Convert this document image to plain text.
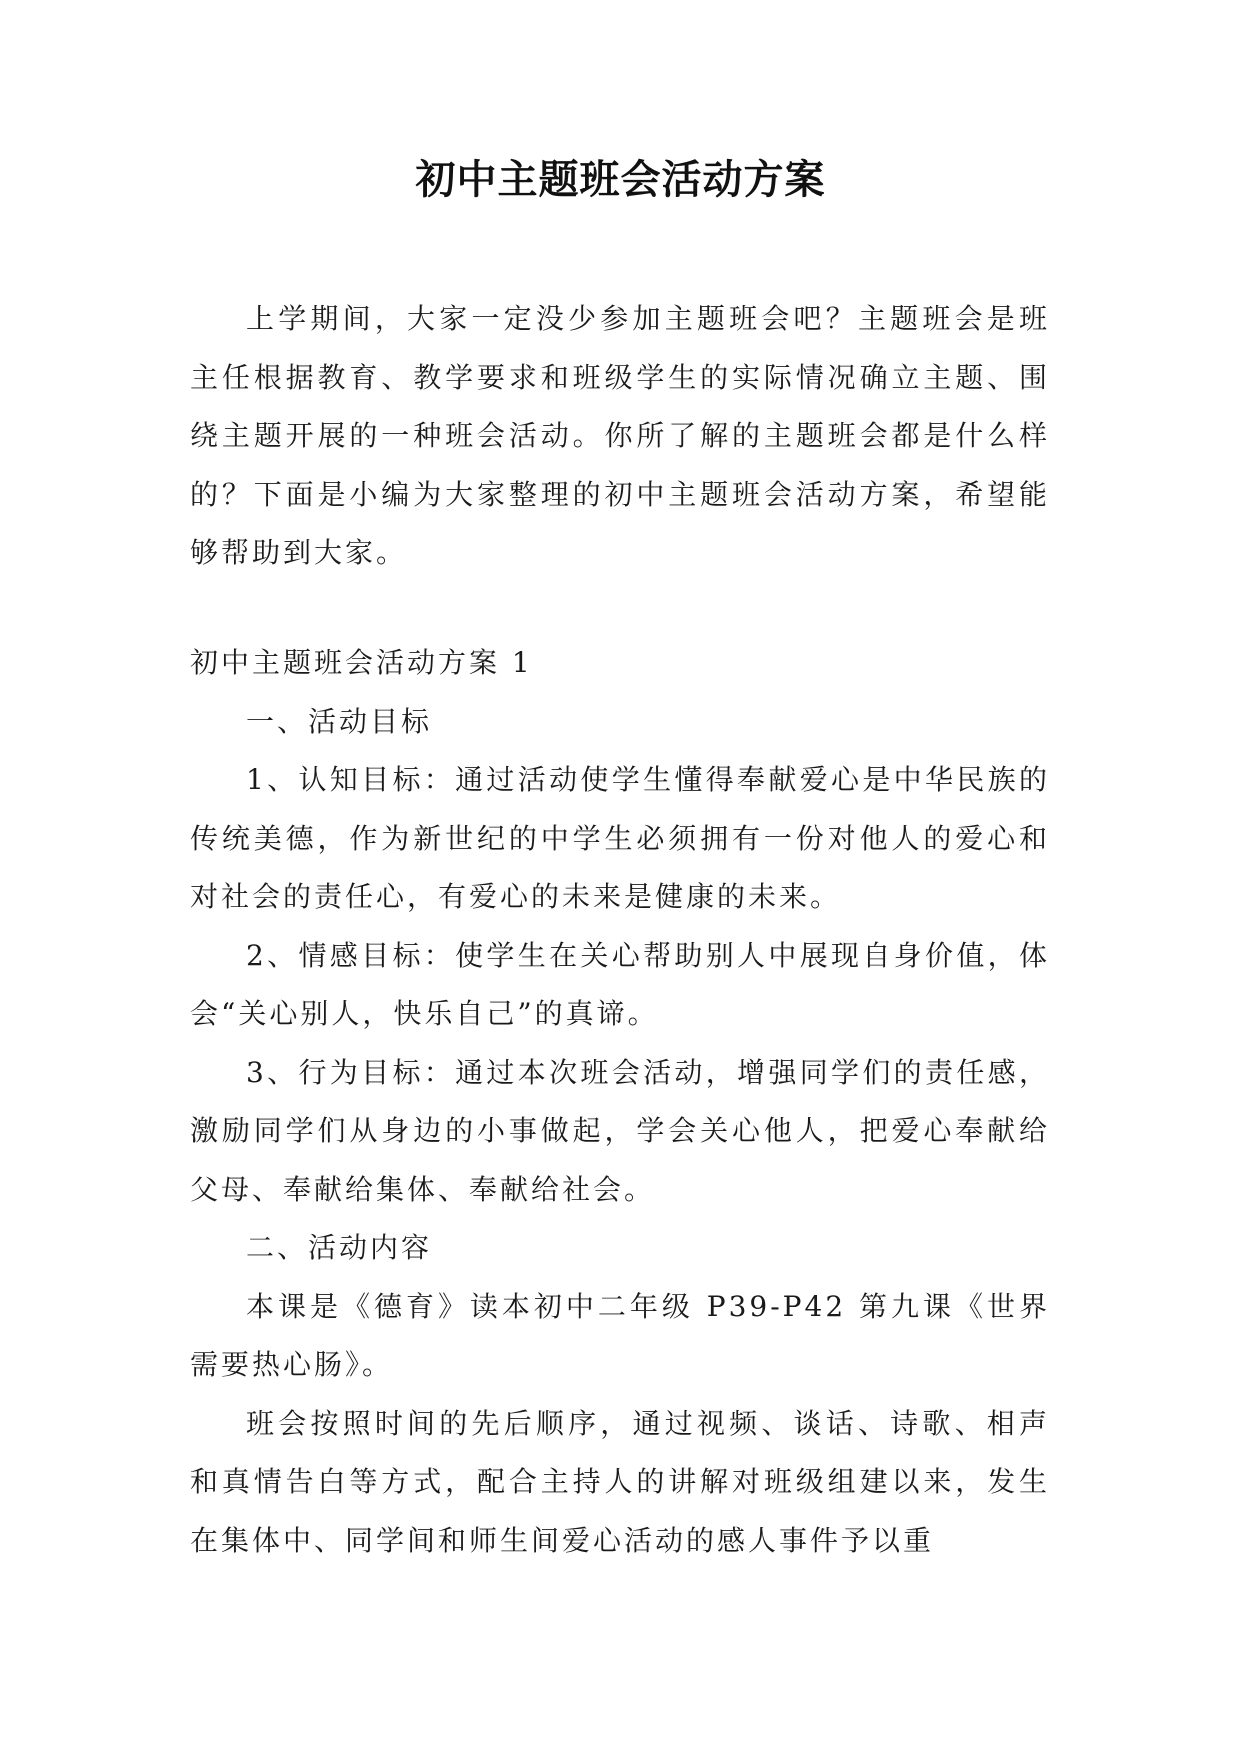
初中主题班会活动方案

上学期间，大家一定没少参加主题班会吧？主题班会是班主任根据教育、教学要求和班级学生的实际情况确立主题、围绕主题开展的一种班会活动。你所了解的主题班会都是什么样的？下面是小编为大家整理的初中主题班会活动方案，希望能够帮助到大家。

初中主题班会活动方案 1

一、活动目标

1、认知目标：通过活动使学生懂得奉献爱心是中华民族的传统美德，作为新世纪的中学生必须拥有一份对他人的爱心和对社会的责任心，有爱心的未来是健康的未来。

2、情感目标：使学生在关心帮助别人中展现自身价值，体会“关心别人，快乐自己”的真谛。

3、行为目标：通过本次班会活动，增强同学们的责任感，激励同学们从身边的小事做起，学会关心他人，把爱心奉献给父母、奉献给集体、奉献给社会。

二、活动内容

本课是《德育》读本初中二年级 P39-P42 第九课《世界需要热心肠》。

班会按照时间的先后顺序，通过视频、谈话、诗歌、相声和真情告白等方式，配合主持人的讲解对班级组建以来，发生在集体中、同学间和师生间爱心活动的感人事件予以重
